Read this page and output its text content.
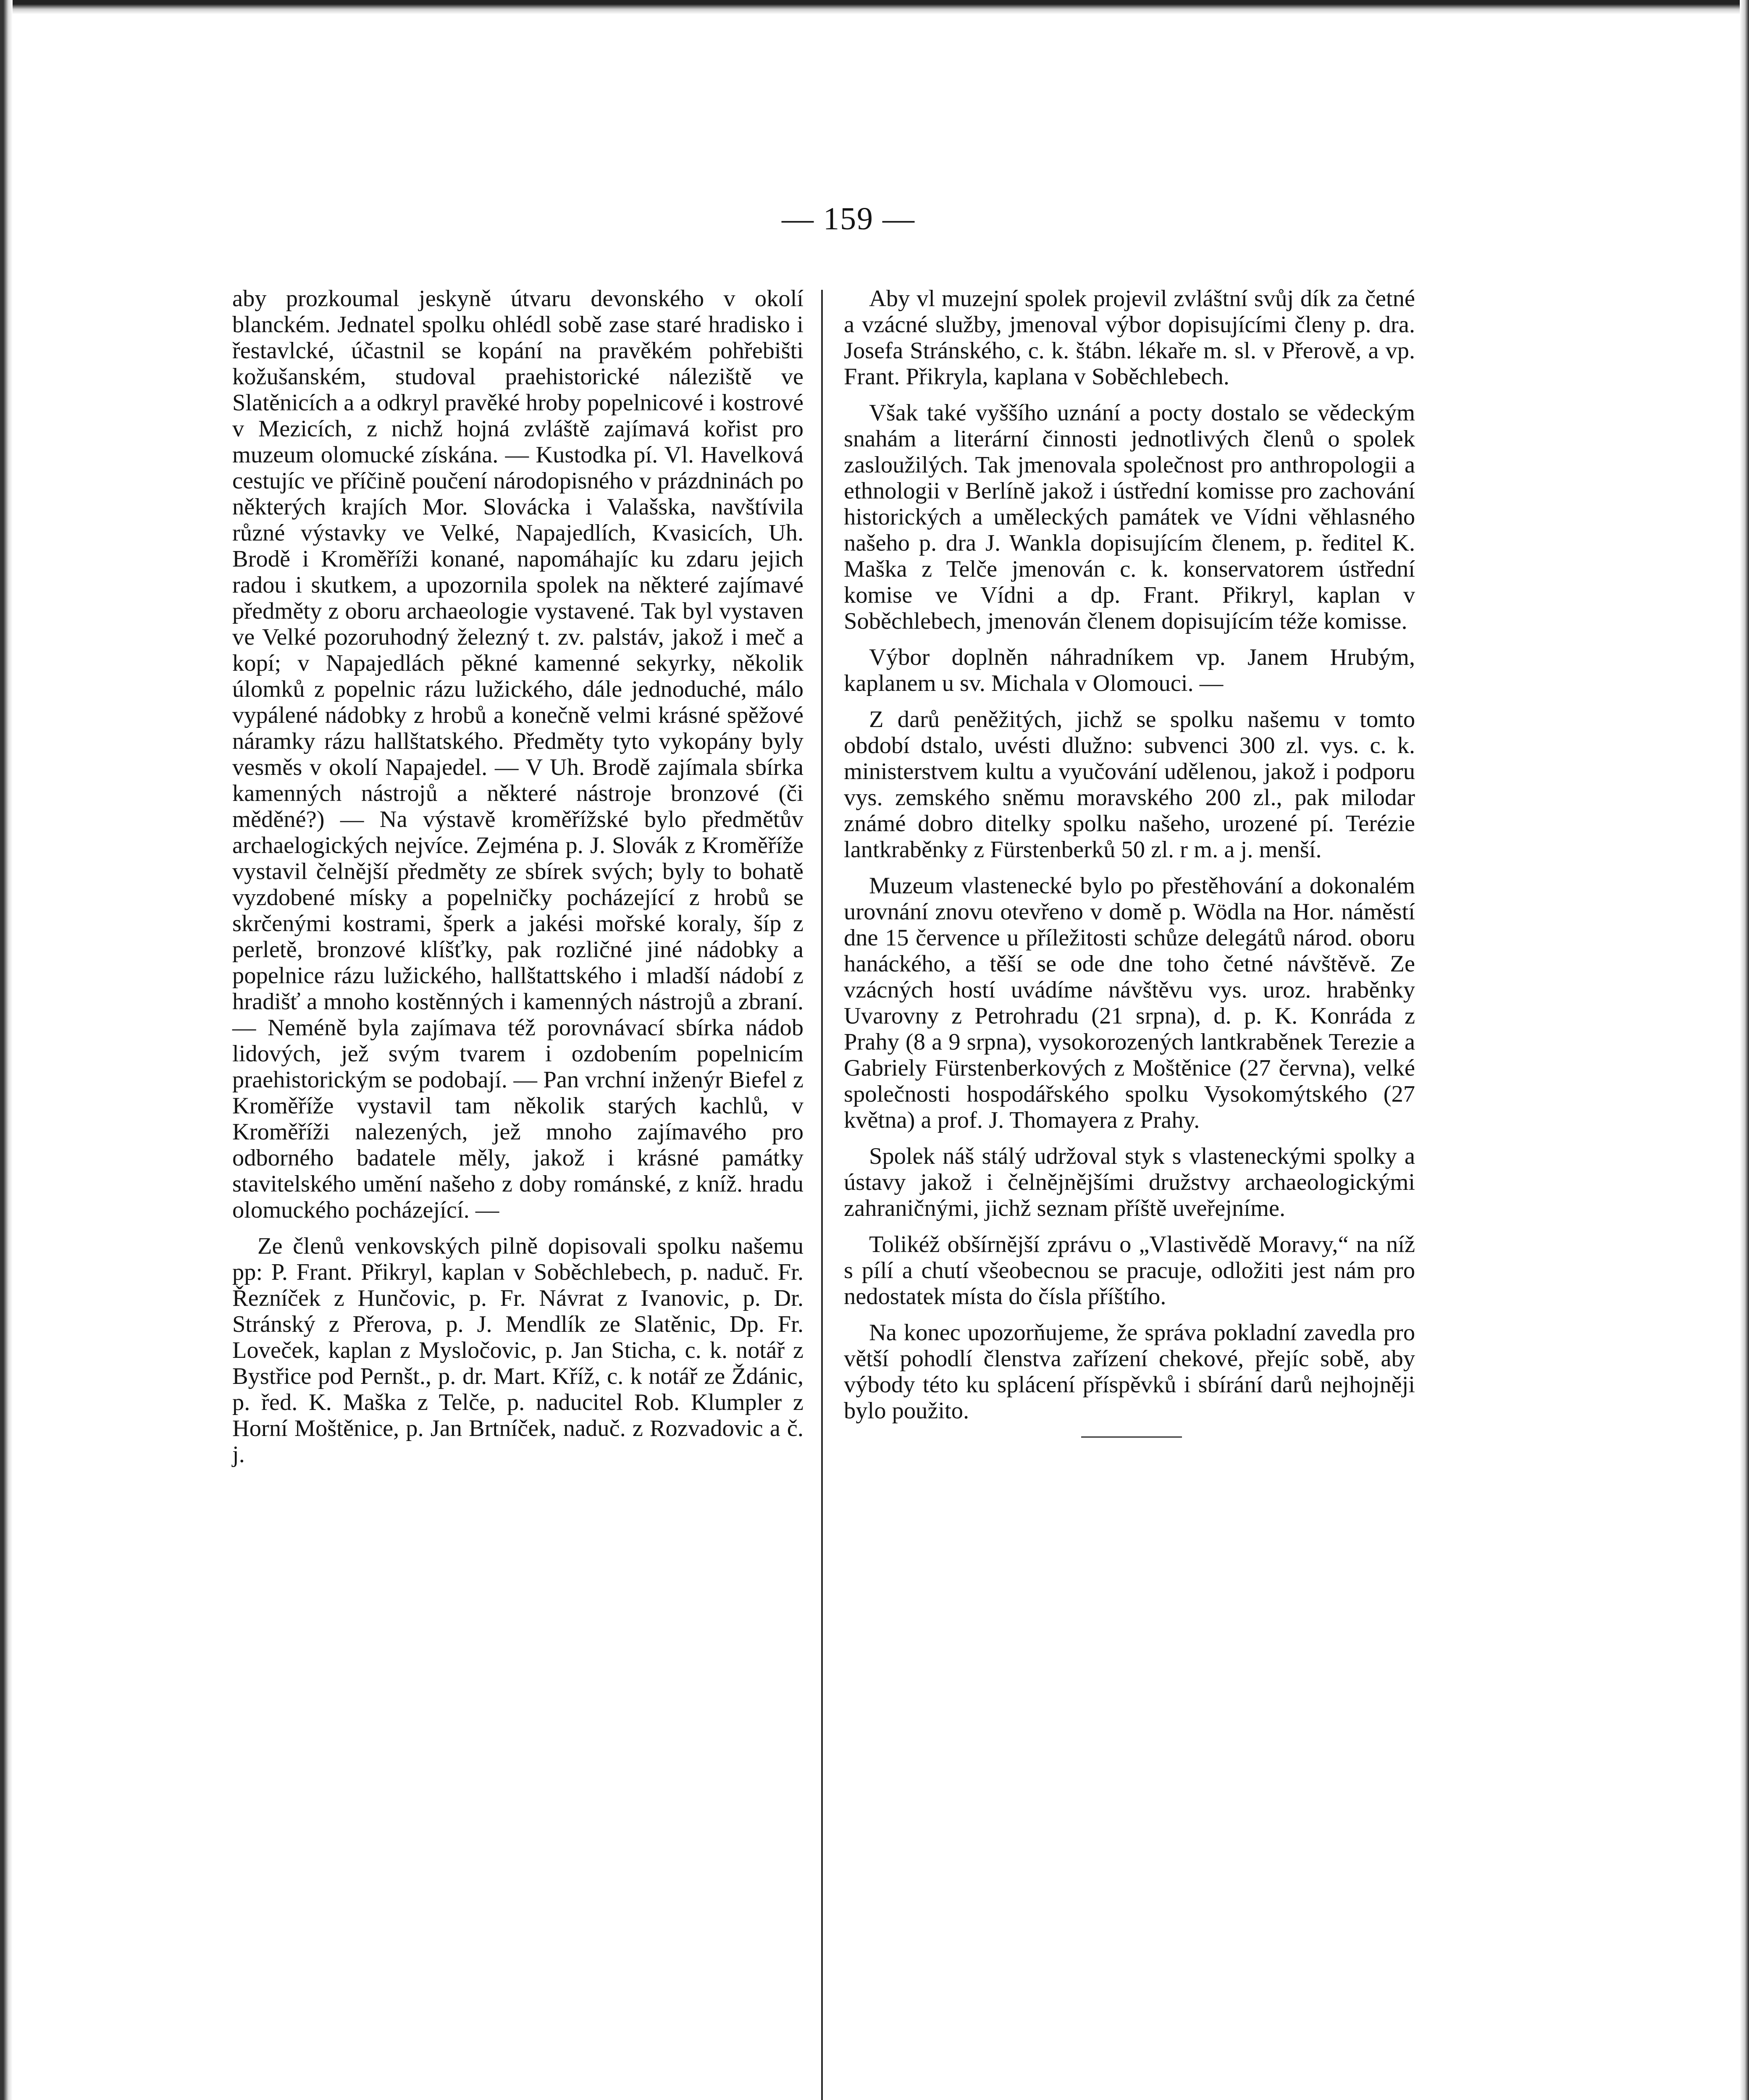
— 159 —

aby prozkoumal jeskyně útvaru devonského v okolí blanckém. Jednatel spolku ohlédl sobě zase staré hradisko i řestavlcké, účastnil se kopání na pravěkém pohřebišti kožušanském, studoval praehistorické náleziště ve Slatěnicích a a odkryl pravěké hroby popelnicové i kostrové v Mezicích, z nichž hojná zvláště zajímavá kořist pro muzeum olomucké získána. — Kustodka pí. Vl. Havelková cestujíc ve příčině poučení národopisného v prázdninách po některých krajích Mor. Slovácka i Valašska, navštívila různé výstavky ve Velké, Napajedlích, Kvasicích, Uh. Brodě i Kroměříži konané, napomáhajíc ku zdaru jejich radou i skutkem, a upozornila spolek na některé zajímavé předměty z oboru archaeologie vystavené. Tak byl vystaven ve Velké pozoruhodný železný t. zv. palstáv, jakož i meč a kopí; v Napajedlách pěkné kamenné sekyrky, několik úlomků z popelnic rázu lužického, dále jednoduché, málo vypálené nádobky z hrobů a konečně velmi krásné spěžové náramky rázu hallštatského. Předměty tyto vykopány byly vesměs v okolí Napajedel. — V Uh. Brodě zajímala sbírka kamenných nástrojů a některé nástroje bronzové (či měděné?) — Na výstavě kroměřížské bylo předmětův archaelogických nejvíce. Zejména p. J. Slovák z Kroměříže vystavil čelnější předměty ze sbírek svých; byly to bohatě vyzdobené mísky a popelničky pocházející z hrobů se skrčenými kostrami, šperk a jakési mořské koraly, šíp z perletě, bronzové klíšťky, pak rozličné jiné nádobky a popelnice rázu lužického, hallštattského i mladší nádobí z hradišť a mnoho kostěnných i kamenných nástrojů a zbraní. — Neméně byla zajímava též porovnávací sbírka nádob lidových, jež svým tvarem i ozdobením popelnicím praehistorickým se podobají. — Pan vrchní inženýr Biefel z Kroměříže vystavil tam několik starých kachlů, v Kroměříži nalezených, jež mnoho zajímavého pro odborného badatele měly, jakož i krásné památky stavitelského umění našeho z doby románské, z kníž. hradu olomuckého pocházející. —

Ze členů venkovských pilně dopisovali spolku našemu pp: P. Frant. Přikryl, kaplan v Soběchlebech, p. naduč. Fr. Řezníček z Hunčovic, p. Fr. Návrat z Ivanovic, p. Dr. Stránský z Přerova, p. J. Mendlík ze Slatěnic, Dp. Fr. Loveček, kaplan z Mysločovic, p. Jan Sticha, c. k. notář z Bystřice pod Pernšt., p. dr. Mart. Kříž, c. k notář ze Ždánic, p. řed. K. Maška z Telče, p. naducitel Rob. Klumpler z Horní Moštěnice, p. Jan Brtníček, naduč. z Rozvadovic a č. j.

Aby vl muzejní spolek projevil zvláštní svůj dík za četné a vzácné služby, jmenoval výbor dopisujícími členy p. dra. Josefa Stránského, c. k. štábn. lékaře m. sl. v Přerově, a vp. Frant. Přikryla, kaplana v Soběchlebech.

Však také vyššího uznání a pocty dostalo se vědeckým snahám a literární činnosti jednotlivých členů o spolek zasloužilých. Tak jmenovala společnost pro anthropologii a ethnologii v Berlíně jakož i ústřední komisse pro zachování historických a uměleckých památek ve Vídni věhlasného našeho p. dra J. Wankla dopisujícím členem, p. ředitel K. Maška z Telče jmenován c. k. konservatorem ústřední komise ve Vídni a dp. Frant. Přikryl, kaplan v Soběchlebech, jmenován členem dopisujícím téže komisse.

Výbor doplněn náhradníkem vp. Janem Hrubým, kaplanem u sv. Michala v Olomouci. —

Z darů peněžitých, jichž se spolku našemu v tomto období dstalo, uvésti dlužno: subvenci 300 zl. vys. c. k. ministerstvem kultu a vyučování udělenou, jakož i podporu vys. zemského sněmu moravského 200 zl., pak milodar známé dobro ditelky spolku našeho, urozené pí. Terézie lantkraběnky z Fürstenberků 50 zl. r m. a j. menší.

Muzeum vlastenecké bylo po přestěhování a dokonalém urovnání znovu otevřeno v domě p. Wödla na Hor. náměstí dne 15 července u příležitosti schůze delegátů národ. oboru hanáckého, a těší se ode dne toho četné návštěvě. Ze vzácných hostí uvádíme návštěvu vys. uroz. hraběnky Uvarovny z Petrohradu (21 srpna), d. p. K. Konráda z Prahy (8 a 9 srpna), vysokorozených lantkraběnek Terezie a Gabriely Fürstenberkových z Moštěnice (27 června), velké společnosti hospodářského spolku Vysokomýtského (27 května) a prof. J. Thomayera z Prahy.

Spolek náš stálý udržoval styk s vlasteneckými spolky a ústavy jakož i čelnějnějšími družstvy archaeologickými zahraničnými, jichž seznam příště uveřejníme.

Tolikéž obšírnější zprávu o „Vlastivědě Moravy,“ na níž s pílí a chutí všeobecnou se pracuje, odložiti jest nám pro nedostatek místa do čísla příštího.

Na konec upozorňujeme, že správa pokladní zavedla pro větší pohodlí členstva zařízení chekové, přejíc sobě, aby výbody této ku splácení příspěvků i sbírání darů nejhojněji bylo použito.
